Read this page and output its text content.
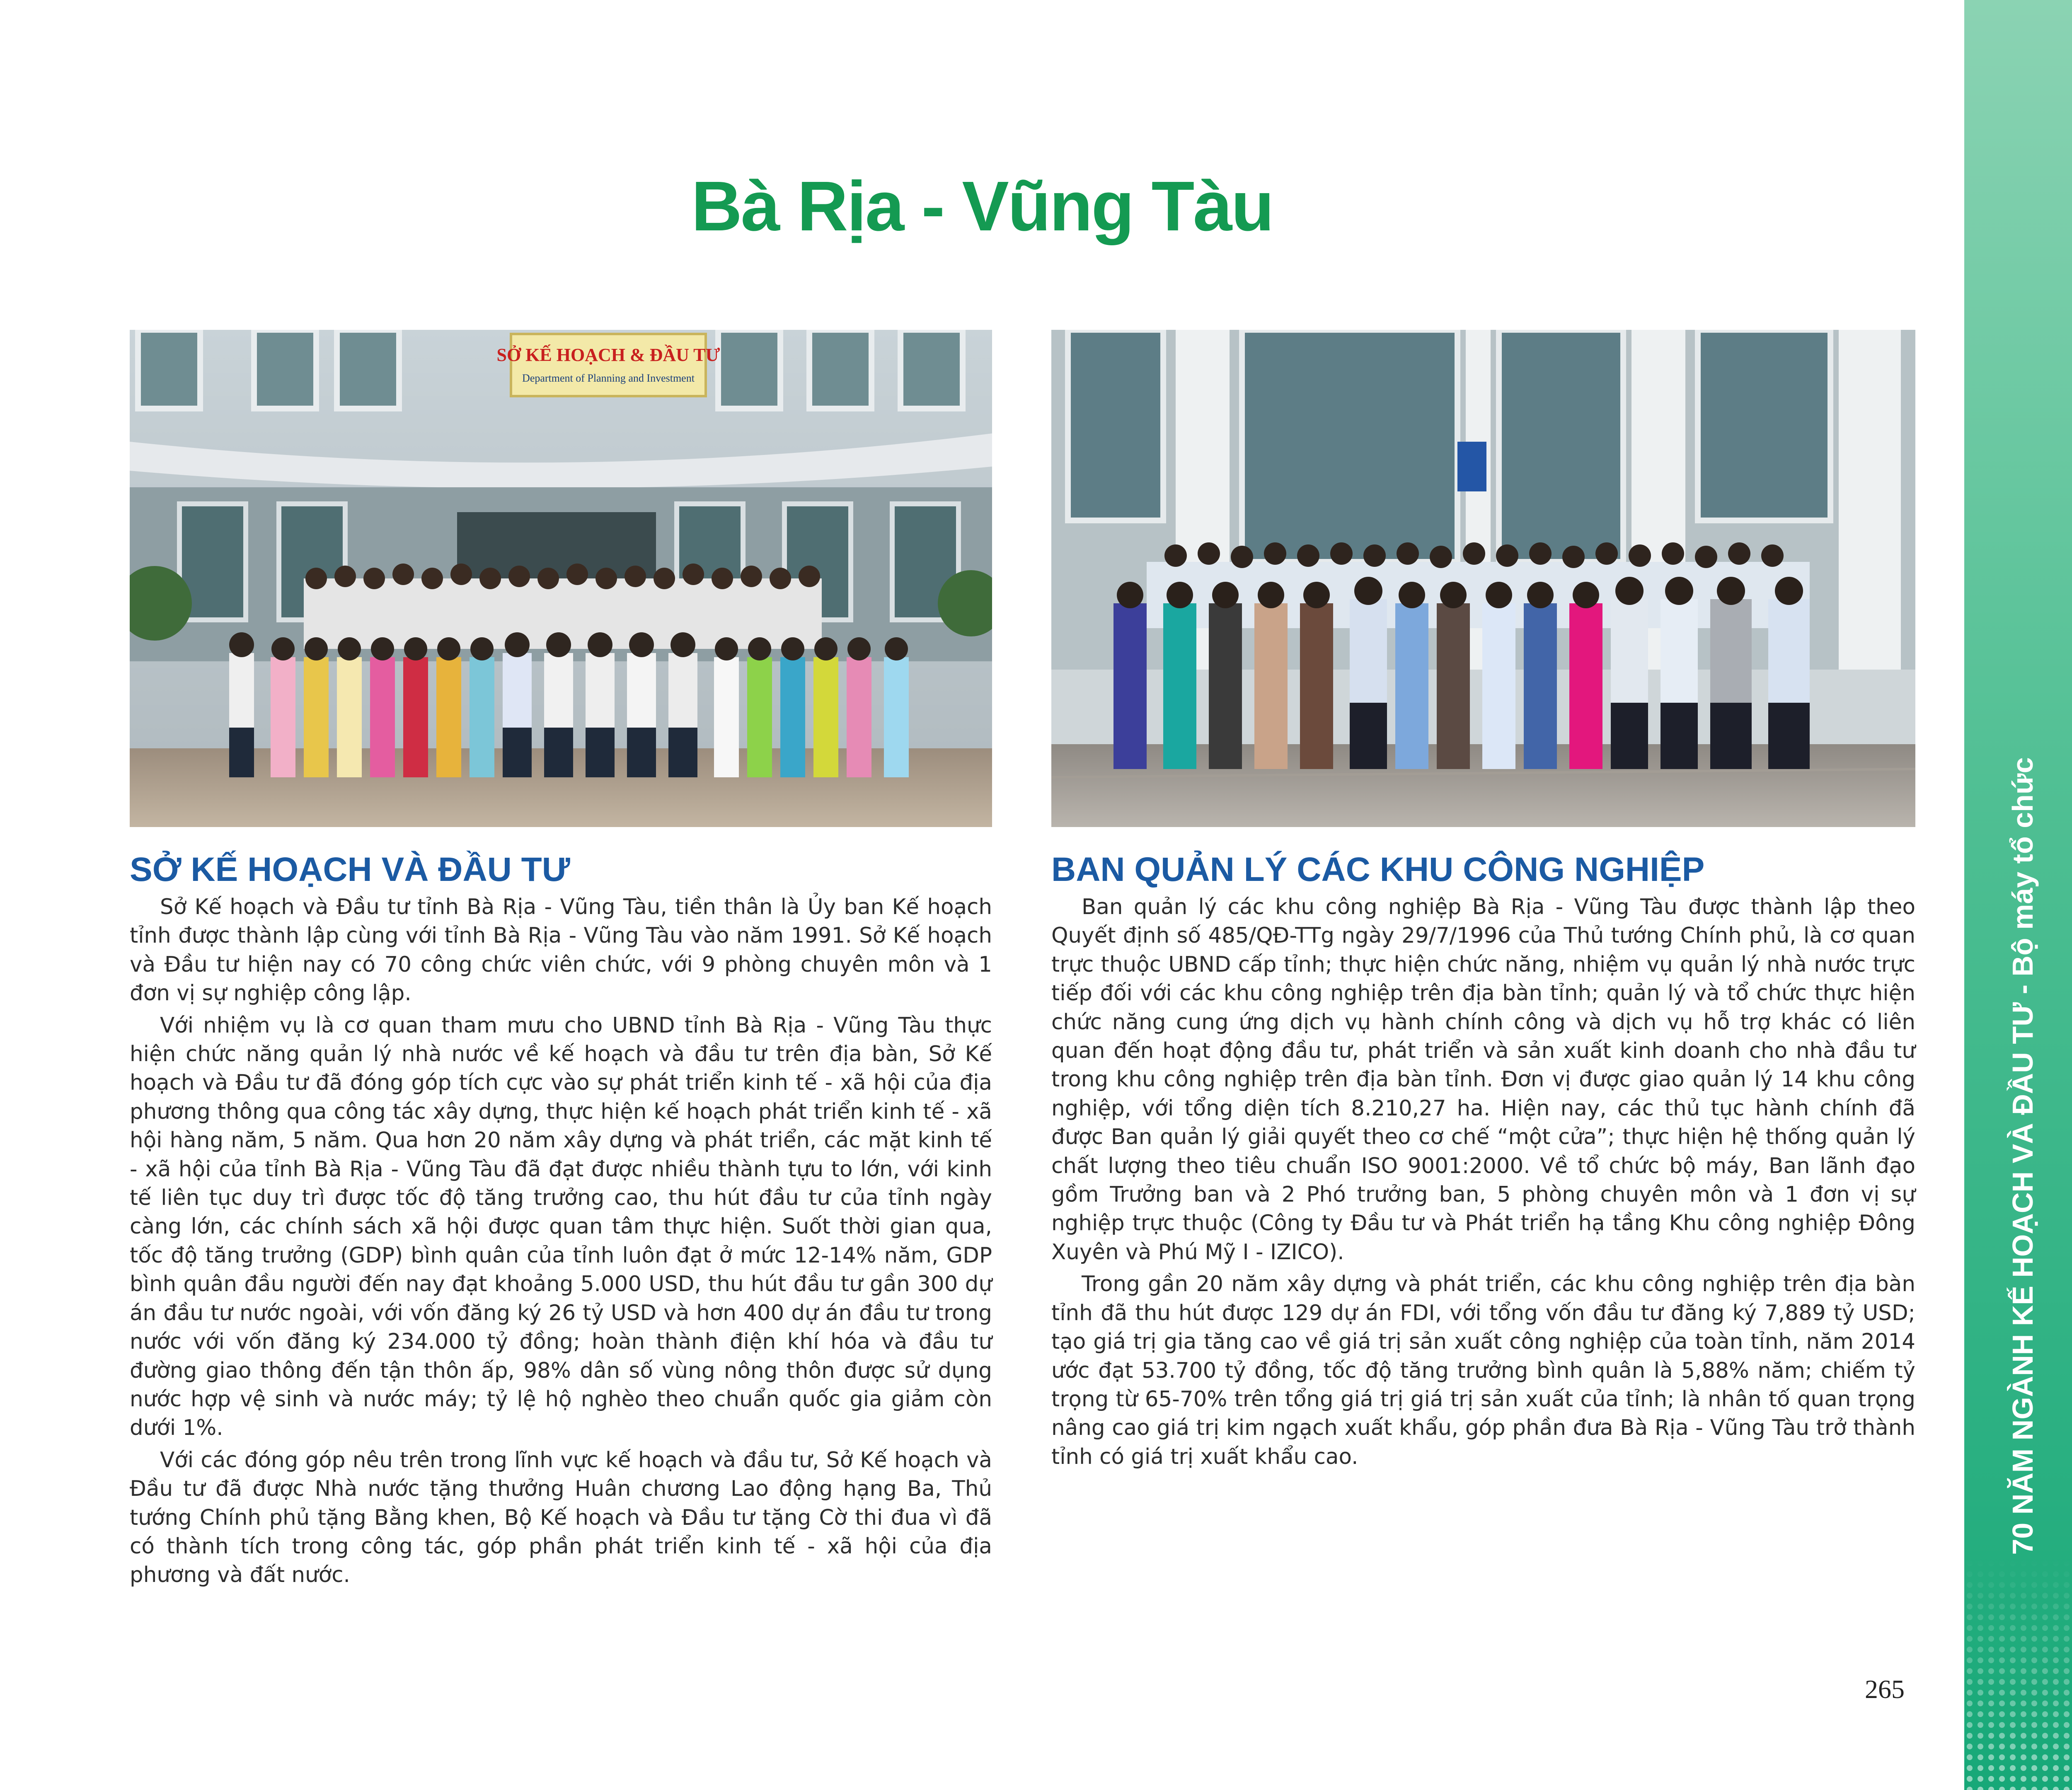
Bà Rịa - Vũng Tàu
SỞ KẾ HOẠCH & ĐẦU TƯ
Department of Planning and Investment
SỞ KẾ HOẠCH VÀ ĐẦU TƯ	BAN QUẢN LÝ CÁC KHU CÔNG NGHIỆP

Sở Kế hoạch và Đầu tư tỉnh Bà Rịa - Vũng Tàu, tiền thân là Ủy ban Kế hoạch tỉnh được thành lập cùng với tỉnh Bà Rịa - Vũng Tàu vào năm 1991. Sở Kế hoạch và Đầu tư hiện nay có 70 công chức viên chức, với 9 phòng chuyên môn và 1 đơn vị sự nghiệp công lập.

Với nhiệm vụ là cơ quan tham mưu cho UBND tỉnh Bà Rịa - Vũng Tàu thực hiện chức năng quản lý nhà nước về kế hoạch và đầu tư trên địa bàn, Sở Kế hoạch và Đầu tư đã đóng góp tích cực vào sự phát triển kinh tế - xã hội của địa phương thông qua công tác xây dựng, thực hiện kế hoạch phát triển kinh tế - xã hội hàng năm, 5 năm. Qua hơn 20 năm xây dựng và phát triển, các mặt kinh tế - xã hội của tỉnh Bà Rịa - Vũng Tàu đã đạt được nhiều thành tựu to lớn, với kinh tế liên tục duy trì được tốc độ tăng trưởng cao, thu hút đầu tư của tỉnh ngày càng lớn, các chính sách xã hội được quan tâm thực hiện. Suốt thời gian qua, tốc độ tăng trưởng (GDP) bình quân của tỉnh luôn đạt ở mức 12-14% năm, GDP bình quân đầu người đến nay đạt khoảng 5.000 USD, thu hút đầu tư gần 300 dự án đầu tư nước ngoài, với vốn đăng ký 26 tỷ USD và hơn 400 dự án đầu tư trong nước với vốn đăng ký 234.000 tỷ đồng; hoàn thành điện khí hóa và đầu tư đường giao thông đến tận thôn ấp, 98% dân số vùng nông thôn được sử dụng nước hợp vệ sinh và nước máy; tỷ lệ hộ nghèo theo chuẩn quốc gia giảm còn dưới 1%.

Với các đóng góp nêu trên trong lĩnh vực kế hoạch và đầu tư, Sở Kế hoạch và Đầu tư đã được Nhà nước tặng thưởng Huân chương Lao động hạng Ba, Thủ tướng Chính phủ tặng Bằng khen, Bộ Kế hoạch và Đầu tư tặng Cờ thi đua vì đã có thành tích trong công tác, góp phần phát triển kinh tế - xã hội của địa phương và đất nước.

Ban quản lý các khu công nghiệp Bà Rịa - Vũng Tàu được thành lập theo Quyết định số 485/QĐ-TTg ngày 29/7/1996 của Thủ tướng Chính phủ, là cơ quan trực thuộc UBND cấp tỉnh; thực hiện chức năng, nhiệm vụ quản lý nhà nước trực tiếp đối với các khu công nghiệp trên địa bàn tỉnh; quản lý và tổ chức thực hiện chức năng cung ứng dịch vụ hành chính công và dịch vụ hỗ trợ khác có liên quan đến hoạt động đầu tư, phát triển và sản xuất kinh doanh cho nhà đầu tư trong khu công nghiệp trên địa bàn tỉnh. Đơn vị được giao quản lý 14 khu công nghiệp, với tổng diện tích 8.210,27 ha. Hiện nay, các thủ tục hành chính đã được Ban quản lý giải quyết theo cơ chế “một cửa”; thực hiện hệ thống quản lý chất lượng theo tiêu chuẩn ISO 9001:2000. Về tổ chức bộ máy, Ban lãnh đạo gồm Trưởng ban và 2 Phó trưởng ban, 5 phòng chuyên môn và 1 đơn vị sự nghiệp trực thuộc (Công ty Đầu tư và Phát triển hạ tầng Khu công nghiệp Đông Xuyên và Phú Mỹ I - IZICO).

Trong gần 20 năm xây dựng và phát triển, các khu công nghiệp trên địa bàn tỉnh đã thu hút được 129 dự án FDI, với tổng vốn đầu tư đăng ký 7,889 tỷ USD; tạo giá trị gia tăng cao về giá trị sản xuất công nghiệp của toàn tỉnh, năm 2014 ước đạt 53.700 tỷ đồng, tốc độ tăng trưởng bình quân là 5,88% năm; chiếm tỷ trọng từ 65-70% trên tổng giá trị giá trị sản xuất của tỉnh; là nhân tố quan trọng nâng cao giá trị kim ngạch xuất khẩu, góp phần đưa Bà Rịa - Vũng Tàu trở thành tỉnh có giá trị xuất khẩu cao.	70 NĂM NGÀNH KẾ HOẠCH VÀ ĐẦU TƯ - Bộ máy tổ chức
265
